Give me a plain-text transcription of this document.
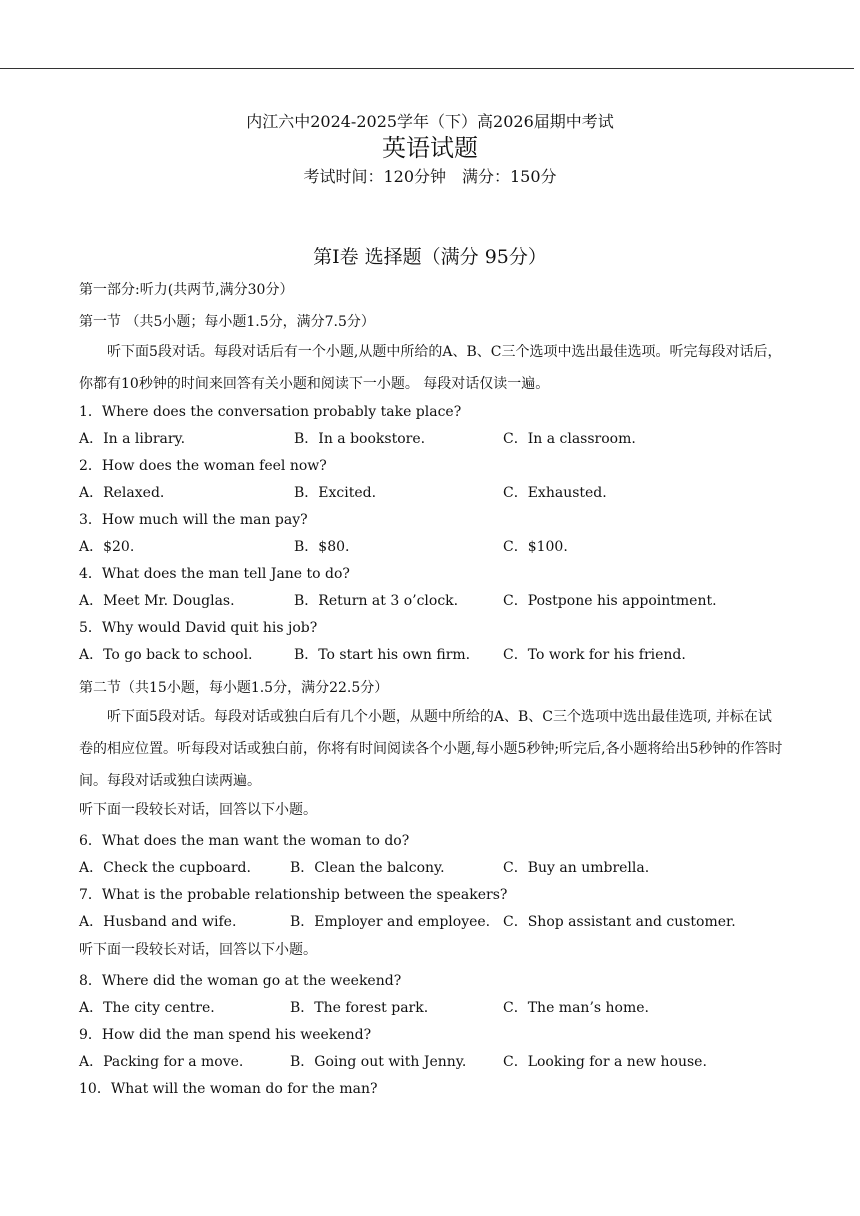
内江六中2024-2025学年（下）高2026届期中考试
英语试题
考试时间：120分钟　满分：150分
第Ⅰ卷 选择题（满分 95分）
第一部分:听力(共两节,满分30分）
第一节 （共5小题；每小题1.5分，满分7.5分）
听下面5段对话。每段对话后有一个小题,从题中所给的A、B、C三个选项中选出最佳选项。听完每段对话后，你都有10秒钟的时间来回答有关小题和阅读下一小题。 每段对话仅读一遍。
1．Where does the conversation probably take place?
A．In a library.	B．In a bookstore.	C．In a classroom.
2．How does the woman feel now?
A．Relaxed.	B．Excited.	C．Exhausted.
3．How much will the man pay?
A．$20.	B．$80.	C．$100.
4．What does the man tell Jane to do?
A．Meet Mr. Douglas.	B．Return at 3 o’clock.	C．Postpone his appointment.
5．Why would David quit his job?
A．To go back to school.	B．To start his own firm. C．To work for his friend.
第二节（共15小题，每小题1.5分，满分22.5分）
听下面5段对话。每段对话或独白后有几个小题，从题中所给的A、B、C三个选项中选出最佳选项, 并标在试卷的相应位置。听每段对话或独白前，你将有时间阅读各个小题,每小题5秒钟;听完后,各小题将给出5秒钟的作答时间。每段对话或独白读两遍。
听下面一段较长对话，回答以下小题。
6．What does the man want the woman to do?
A．Check the cupboard.	B．Clean the balcony.	C．Buy an umbrella.
7．What is the probable relationship between the speakers?
A．Husband and wife.	B．Employer and employee. C．Shop assistant and customer.
听下面一段较长对话，回答以下小题。
8．Where did the woman go at the weekend?
A．The city centre.	B．The forest park.	C．The man’s home.
9．How did the man spend his weekend?
A．Packing for a move.	B．Going out with Jenny.	C．Looking for a new house.
10．What will the woman do for the man?
